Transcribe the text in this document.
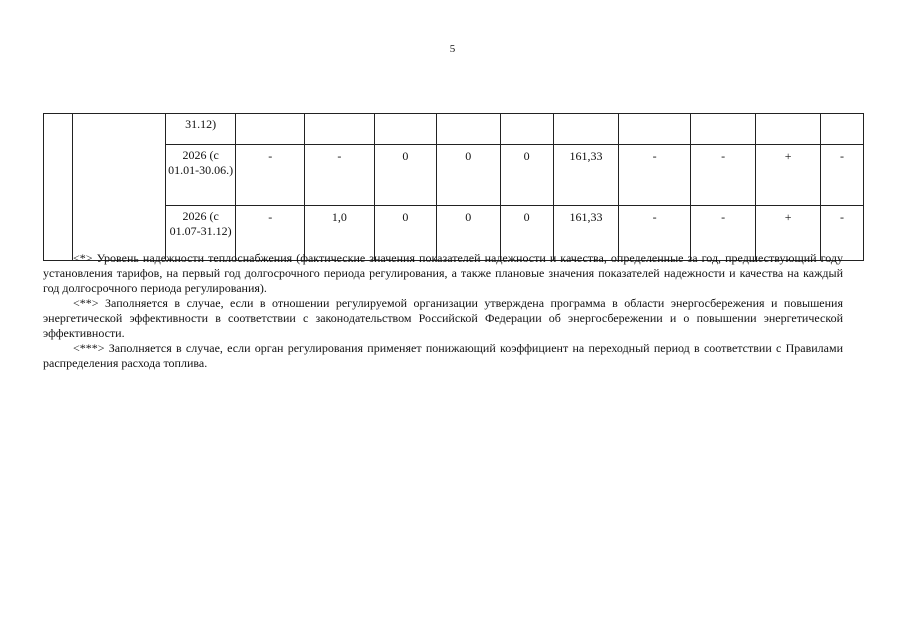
5
		31.12)										
		2026 (с 01.01-30.06.)	-	-	0	0	0	161,33	-	-	+	-
		2026 (с 01.07-31.12)	-	1,0	0	0	0	161,33	-	-	+	-

<*> Уровень надежности теплоснабжения (фактические значения показателей надежности и качества, определенные за год, предшествующий году установления тарифов, на первый год долгосрочного периода регулирования, а также плановые значения показателей надежности и качества на каждый год долгосрочного периода регулирования).

<**> Заполняется в случае, если в отношении регулируемой организации утверждена программа в области энергосбережения и повышения энергетической эффективности в соответствии с законодательством Российской Федерации об энергосбережении и о повышении энергетической эффективности.

<***> Заполняется в случае, если орган регулирования применяет понижающий коэффициент на переходный период в соответствии с Правилами распределения расхода топлива.
